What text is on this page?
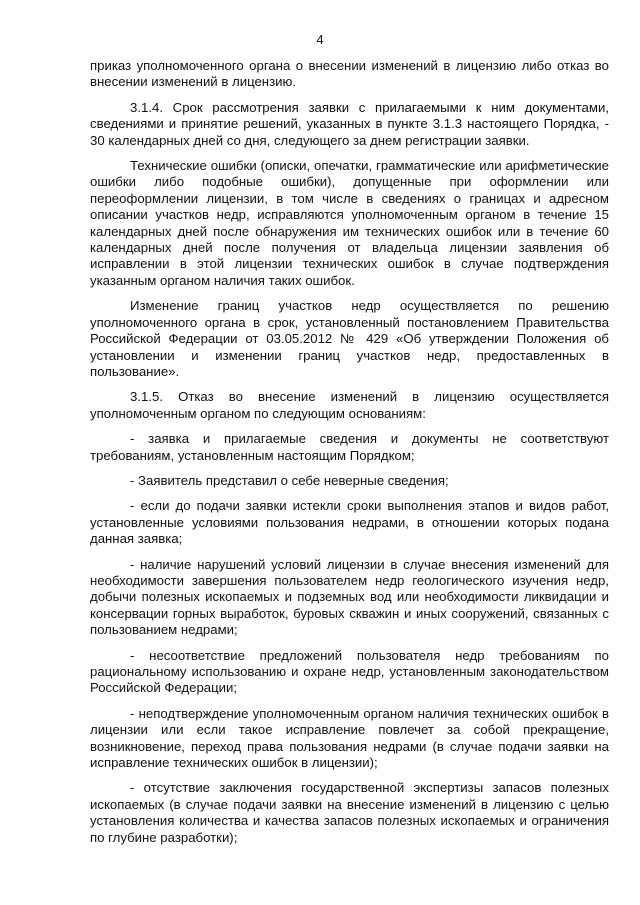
4

приказ уполномоченного органа о внесении изменений в лицензию либо отказ во внесении изменений в лицензию.

3.1.4. Срок рассмотрения заявки с прилагаемыми к ним документами, сведениями и принятие решений, указанных в пункте 3.1.3 настоящего Порядка, - 30 календарных дней со дня, следующего за днем регистрации заявки.

Технические ошибки (описки, опечатки, грамматические или арифметические ошибки либо подобные ошибки), допущенные при оформлении или переоформлении лицензии, в том числе в сведениях о границах и адресном описании участков недр, исправляются уполномоченным органом в течение 15 календарных дней после обнаружения им технических ошибок или в течение 60 календарных дней после получения от владельца лицензии заявления об исправлении в этой лицензии технических ошибок в случае подтверждения указанным органом наличия таких ошибок.

Изменение границ участков недр осуществляется по решению уполномоченного органа в срок, установленный постановлением Правительства Российской Федерации от 03.05.2012 № 429 «Об утверждении Положения об установлении и изменении границ участков недр, предоставленных в пользование».

3.1.5. Отказ во внесение изменений в лицензию осуществляется уполномоченным органом по следующим основаниям:

- заявка и прилагаемые сведения и документы не соответствуют требованиям, установленным настоящим Порядком;

- Заявитель представил о себе неверные сведения;

- если до подачи заявки истекли сроки выполнения этапов и видов работ, установленные условиями пользования недрами, в отношении которых подана данная заявка;

- наличие нарушений условий лицензии в случае внесения изменений для необходимости завершения пользователем недр геологического изучения недр, добычи полезных ископаемых и подземных вод или необходимости ликвидации и консервации горных выработок, буровых скважин и иных сооружений, связанных с пользованием недрами;

- несоответствие предложений пользователя недр требованиям по рациональному использованию и охране недр, установленным законодательством Российской Федерации;

- неподтверждение уполномоченным органом наличия технических ошибок в лицензии или если такое исправление повлечет за собой прекращение, возникновение, переход права пользования недрами (в случае подачи заявки на исправление технических ошибок в лицензии);

- отсутствие заключения государственной экспертизы запасов полезных ископаемых (в случае подачи заявки на внесение изменений в лицензию с целью установления количества и качества запасов полезных ископаемых и ограничения по глубине разработки);
